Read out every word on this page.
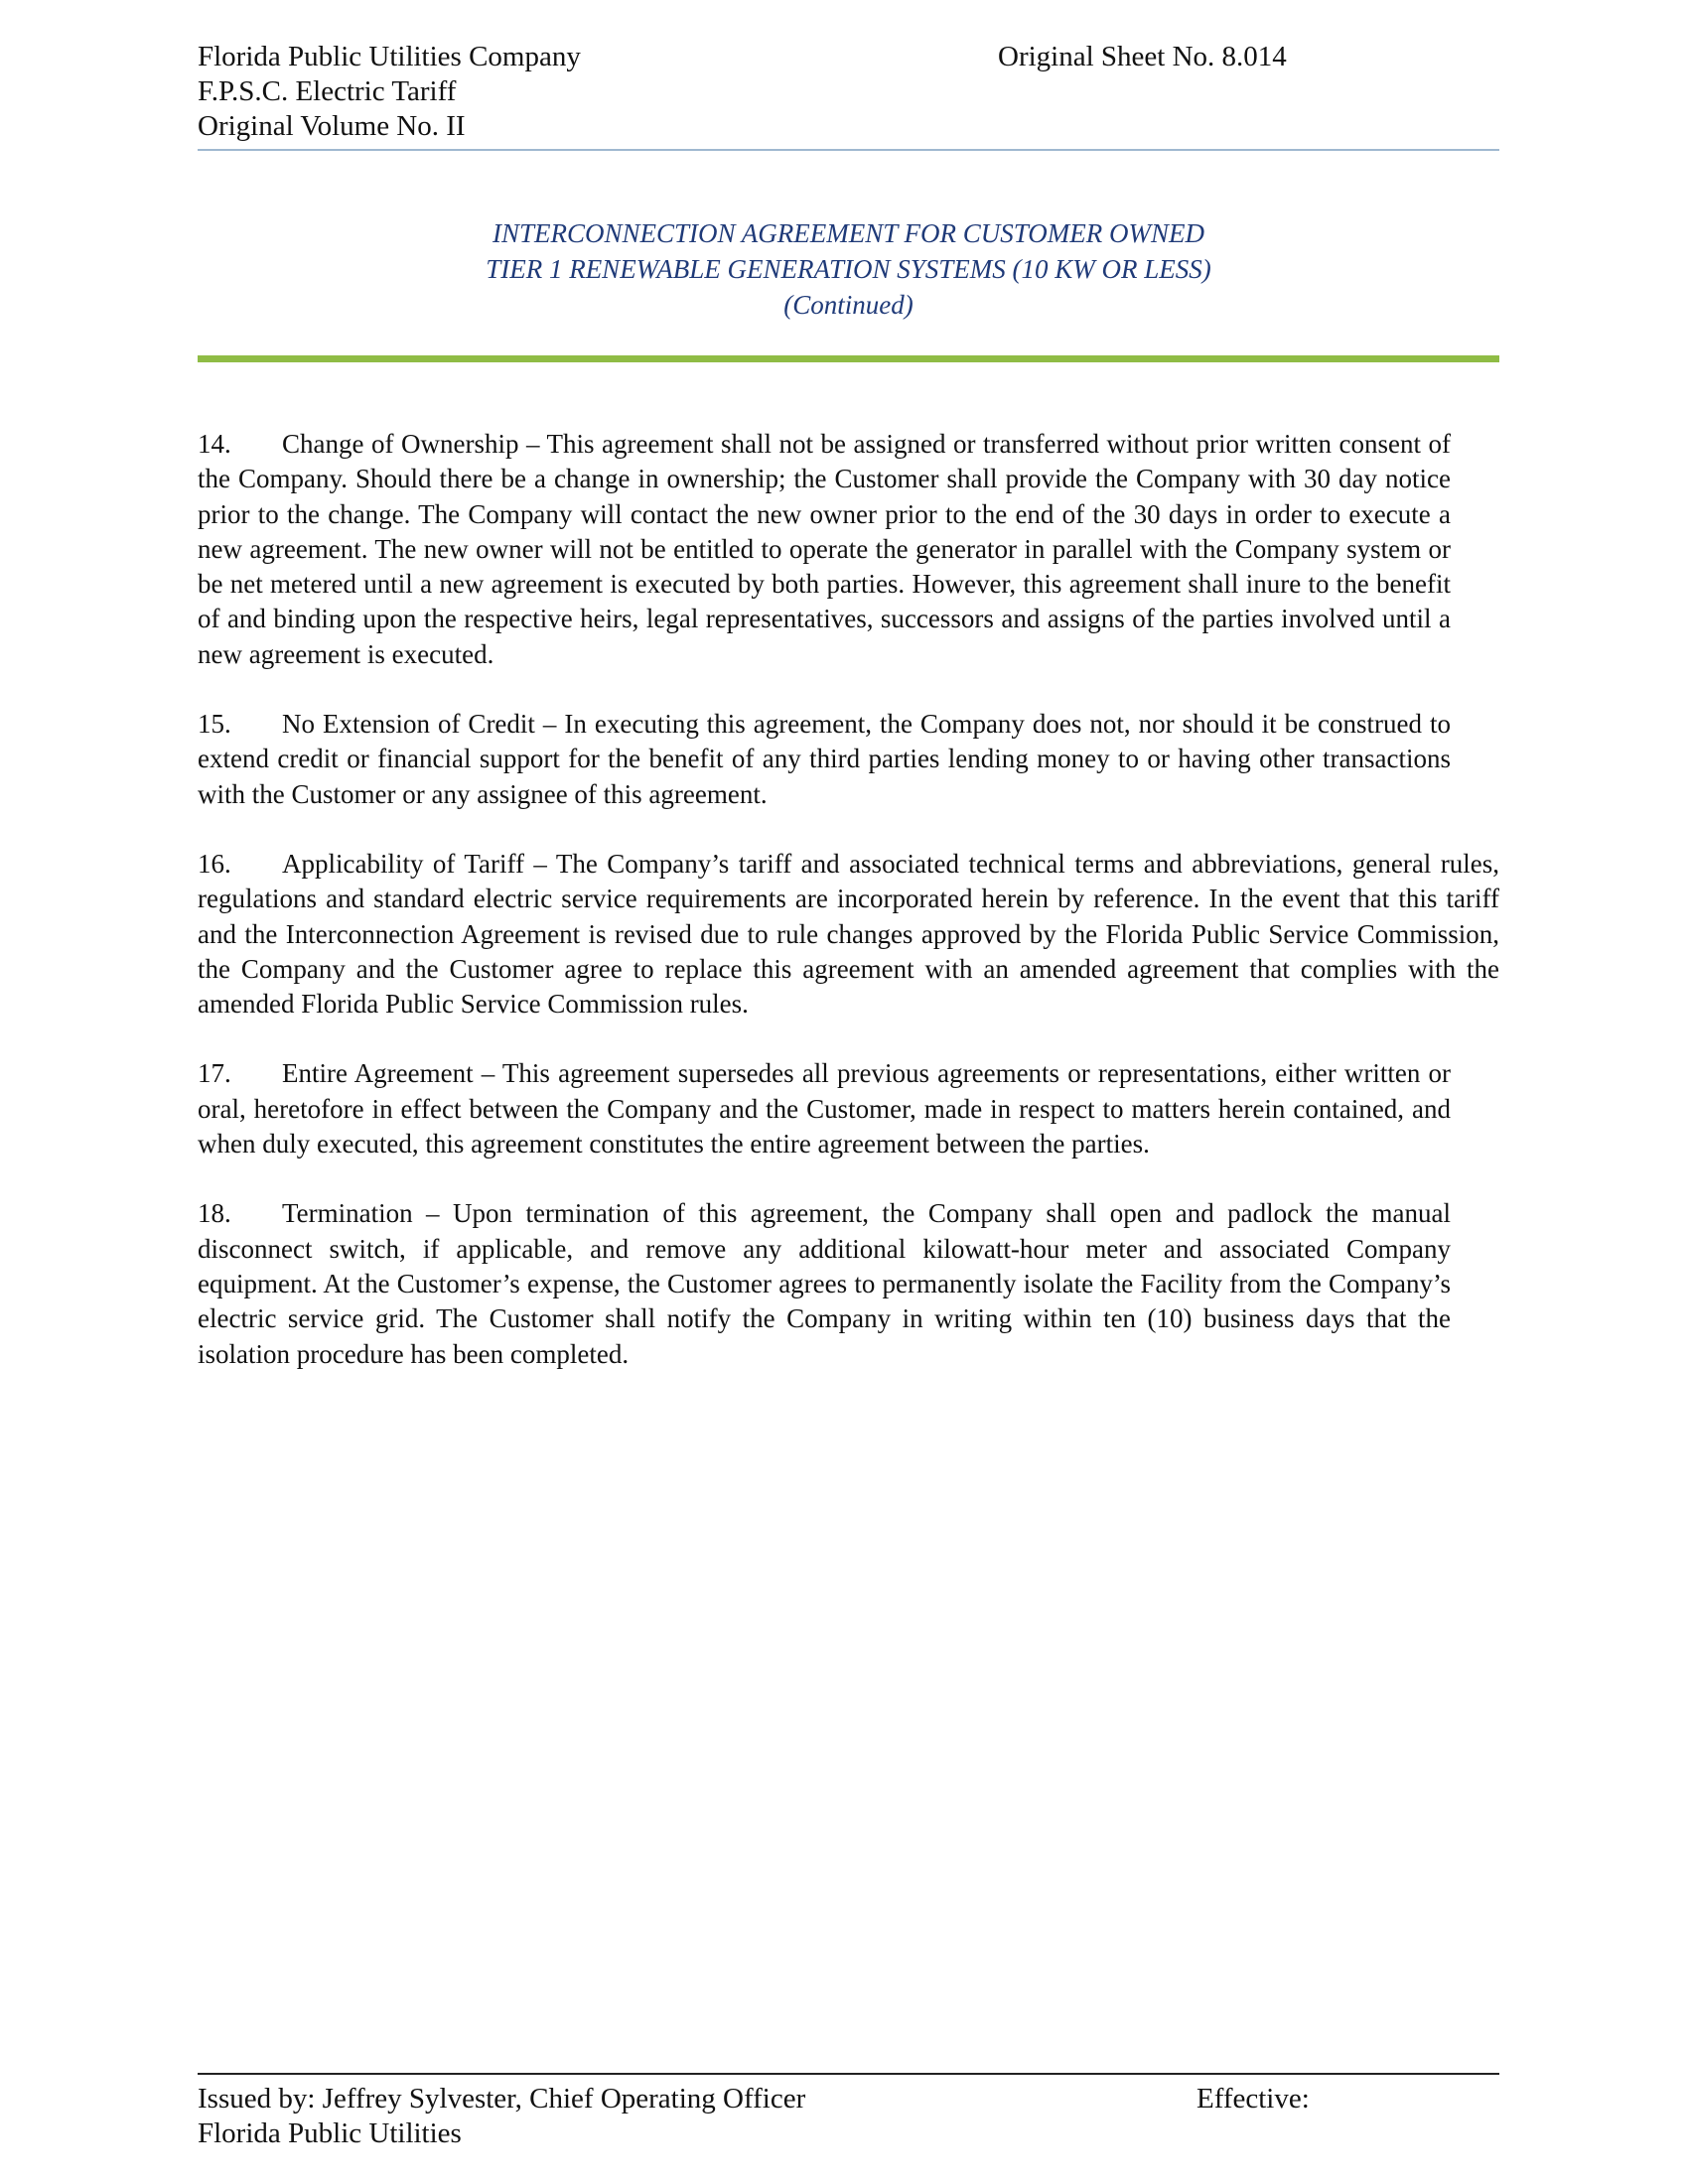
Florida Public Utilities Company
F.P.S.C. Electric Tariff
Original Volume No. II
Original Sheet No. 8.014
INTERCONNECTION AGREEMENT FOR CUSTOMER OWNED
TIER 1 RENEWABLE GENERATION SYSTEMS (10 KW OR LESS)
(Continued)

14. Change of Ownership – This agreement shall not be assigned or transferred without prior written consent of the Company. Should there be a change in ownership; the Customer shall provide the Company with 30 day notice prior to the change. The Company will contact the new owner prior to the end of the 30 days in order to execute a new agreement. The new owner will not be entitled to operate the generator in parallel with the Company system or be net metered until a new agreement is executed by both parties. However, this agreement shall inure to the benefit of and binding upon the respective heirs, legal representatives, successors and assigns of the parties involved until a new agreement is executed.

15. No Extension of Credit – In executing this agreement, the Company does not, nor should it be construed to extend credit or financial support for the benefit of any third parties lending money to or having other transactions with the Customer or any assignee of this agreement.

16. Applicability of Tariff – The Company’s tariff and associated technical terms and abbreviations, general rules, regulations and standard electric service requirements are incorporated herein by reference. In the event that this tariff and the Interconnection Agreement is revised due to rule changes approved by the Florida Public Service Commission, the Company and the Customer agree to replace this agreement with an amended agreement that complies with the amended Florida Public Service Commission rules.

17. Entire Agreement – This agreement supersedes all previous agreements or representations, either written or oral, heretofore in effect between the Company and the Customer, made in respect to matters herein contained, and when duly executed, this agreement constitutes the entire agreement between the parties.

18. Termination – Upon termination of this agreement, the Company shall open and padlock the manual disconnect switch, if applicable, and remove any additional kilowatt-hour meter and associated Company equipment. At the Customer’s expense, the Customer agrees to permanently isolate the Facility from the Company’s electric service grid. The Customer shall notify the Company in writing within ten (10) business days that the isolation procedure has been completed.

Issued by: Jeffrey Sylvester, Chief Operating Officer
Florida Public Utilities
Effective:
